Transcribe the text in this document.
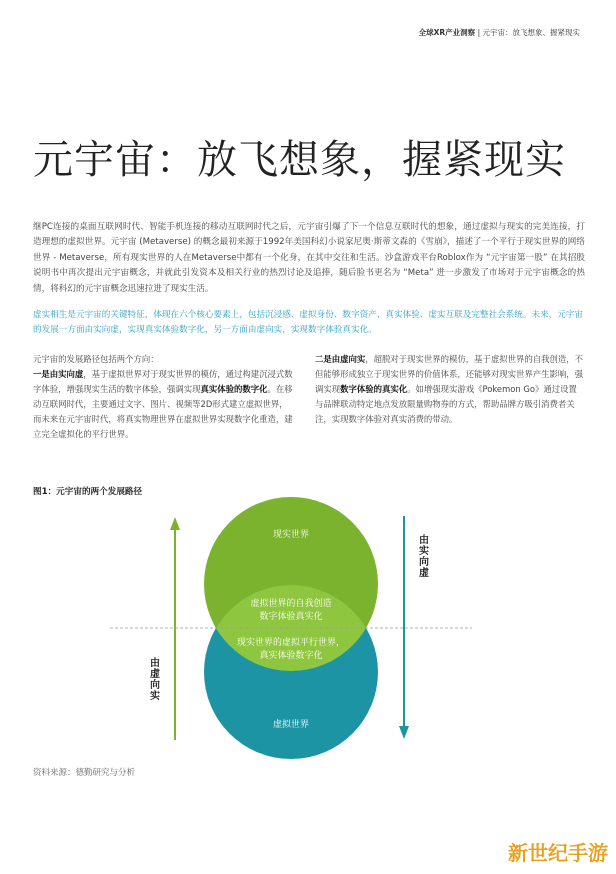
全球XR产业洞察 | 元宇宙：放飞想象、握紧现实
元宇宙：放飞想象，握紧现实
继PC连接的桌面互联网时代、智能手机连接的移动互联网时代之后，元宇宙引爆了下一个信息互联时代的想象，通过虚拟与现实的完美连接，打造理想的虚拟世界。元宇宙 (Metaverse) 的概念最初来源于1992年美国科幻小说家尼奥·斯蒂文森的《雪崩》，描述了一个平行于现实世界的网络世界 - Metaverse，所有现实世界的人在Metaverse中都有一个化身，在其中交往和生活。沙盒游戏平台Roblox作为 “元宇宙第一股” 在其招股说明书中再次提出元宇宙概念，并就此引发资本及相关行业的热烈讨论及追捧，随后脸书更名为 “Meta” 进一步激发了市场对于元宇宙概念的热情，将科幻的元宇宙概念迅速拉进了现实生活。
虚实相生是元宇宙的关键特征，体现在六个核心要素上，包括沉浸感、虚拟身份、数字资产、真实体验、虚实互联及完整社会系统。未来，元宇宙的发展一方面由实向虚，实现真实体验数字化，另一方面由虚向实，实现数字体验真实化。
元宇宙的发展路径包括两个方向：
一是由实向虚，基于虚拟世界对于现实世界的模仿，通过构建沉浸式数字体验，增强现实生活的数字体验，强调实现真实体验的数字化。在移动互联网时代，主要通过文字、图片、视频等2D形式建立虚拟世界，而未来在元宇宙时代，将真实物理世界在虚拟世界实现数字化重造，建立完全虚拟化的平行世界。
二是由虚向实，超脱对于现实世界的模仿，基于虚拟世界的自我创造，不但能够形成独立于现实世界的价值体系，还能够对现实世界产生影响，强调实现数字体验的真实化。如增强现实游戏《Pokemon Go》通过设置与品牌联动特定地点发放限量购物券的方式，帮助品牌方吸引消费者关注，实现数字体验对真实消费的带动。
图1：元宇宙的两个发展路径
现实世界
虚拟世界的自我创造
数字体验真实化
现实世界的虚拟平行世界，
真实体验数字化
虚拟世界
由虚向实
由实向虚
资料来源：德勤研究与分析
新世纪手游
